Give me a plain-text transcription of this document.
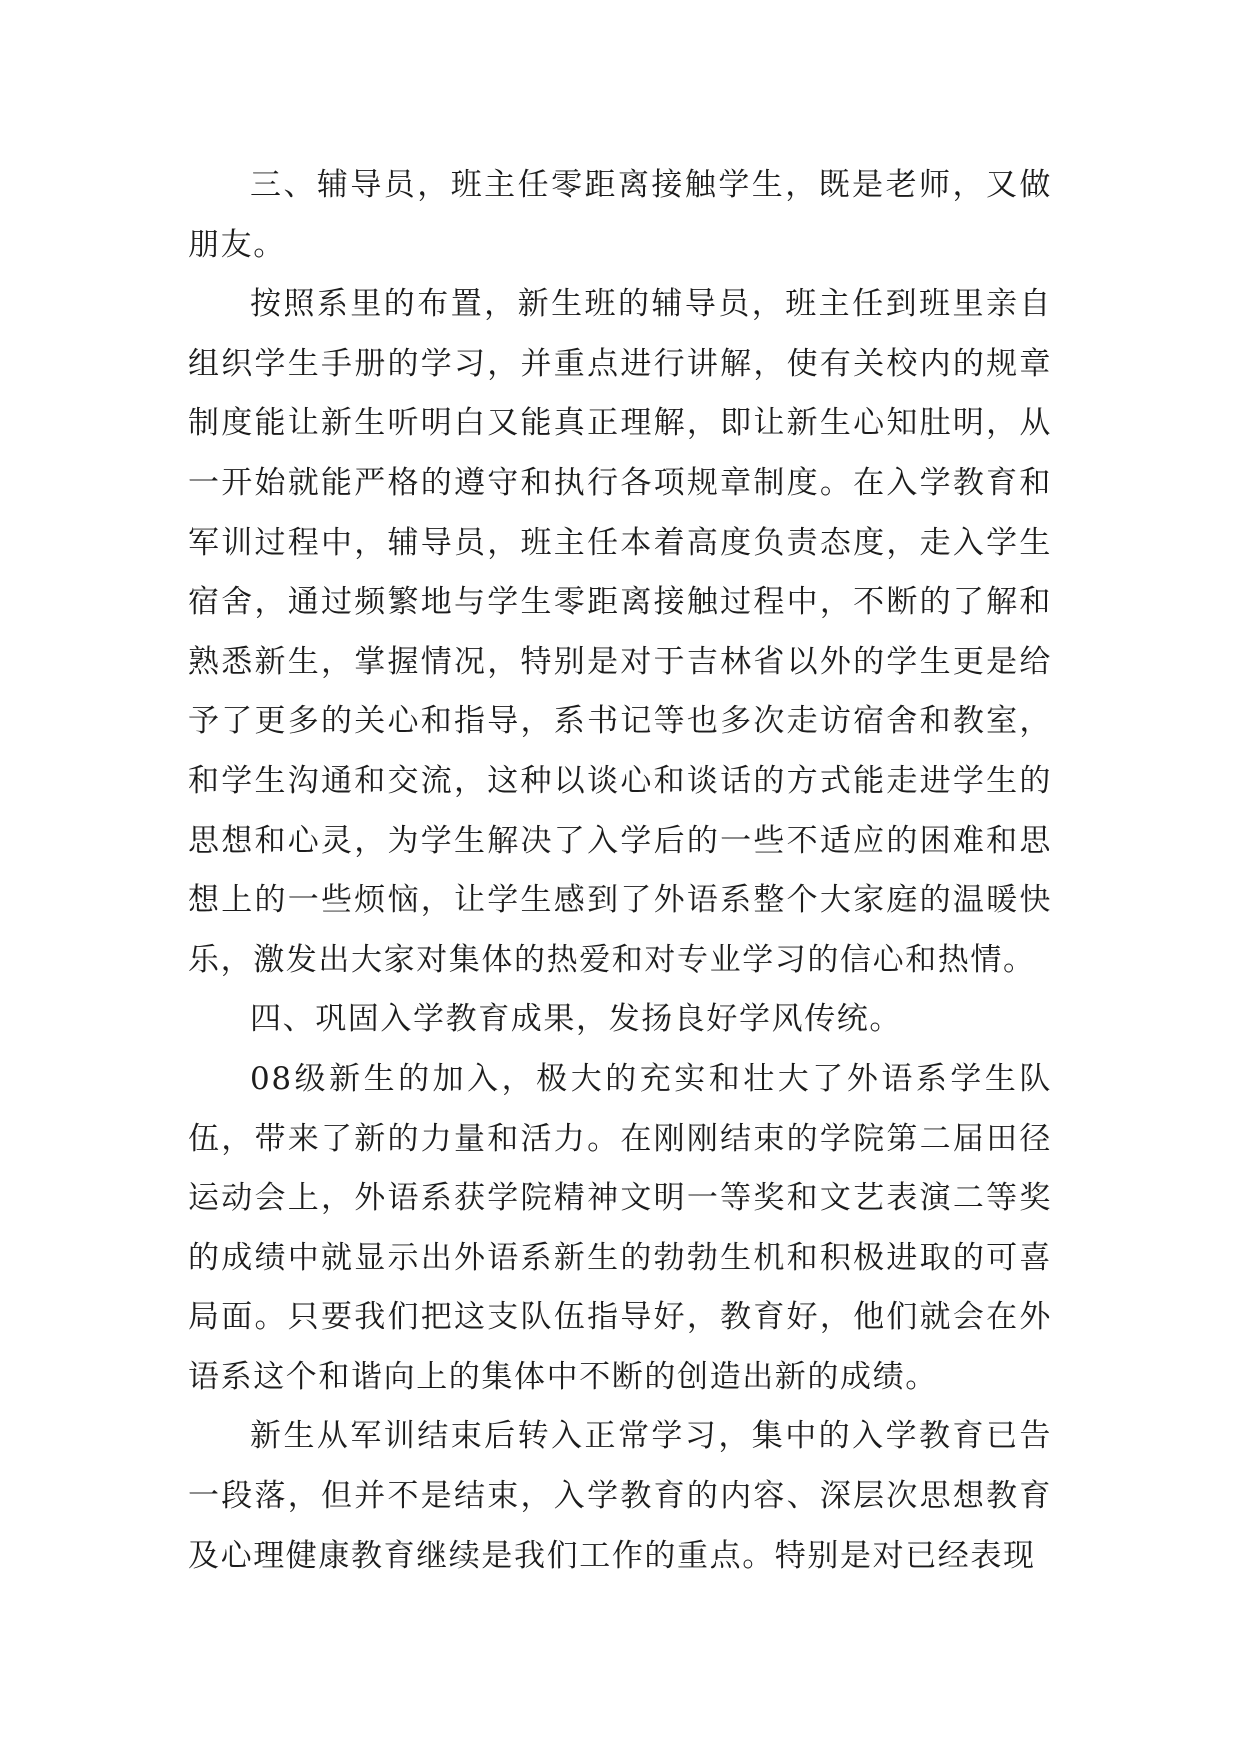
三、辅导员，班主任零距离接触学生，既是老师，又做朋友。

按照系里的布置，新生班的辅导员，班主任到班里亲自组织学生手册的学习，并重点进行讲解，使有关校内的规章制度能让新生听明白又能真正理解，即让新生心知肚明，从一开始就能严格的遵守和执行各项规章制度。在入学教育和军训过程中，辅导员，班主任本着高度负责态度，走入学生宿舍，通过频繁地与学生零距离接触过程中，不断的了解和熟悉新生，掌握情况，特别是对于吉林省以外的学生更是给予了更多的关心和指导，系书记等也多次走访宿舍和教室，和学生沟通和交流，这种以谈心和谈话的方式能走进学生的思想和心灵，为学生解决了入学后的一些不适应的困难和思想上的一些烦恼，让学生感到了外语系整个大家庭的温暖快乐，激发出大家对集体的热爱和对专业学习的信心和热情。

四、巩固入学教育成果，发扬良好学风传统。

08级新生的加入，极大的充实和壮大了外语系学生队伍，带来了新的力量和活力。在刚刚结束的学院第二届田径运动会上，外语系获学院精神文明一等奖和文艺表演二等奖的成绩中就显示出外语系新生的勃勃生机和积极进取的可喜局面。只要我们把这支队伍指导好，教育好，他们就会在外语系这个和谐向上的集体中不断的创造出新的成绩。

新生从军训结束后转入正常学习，集中的入学教育已告一段落，但并不是结束，入学教育的内容、深层次思想教育及心理健康教育继续是我们工作的重点。特别是对已经表现
